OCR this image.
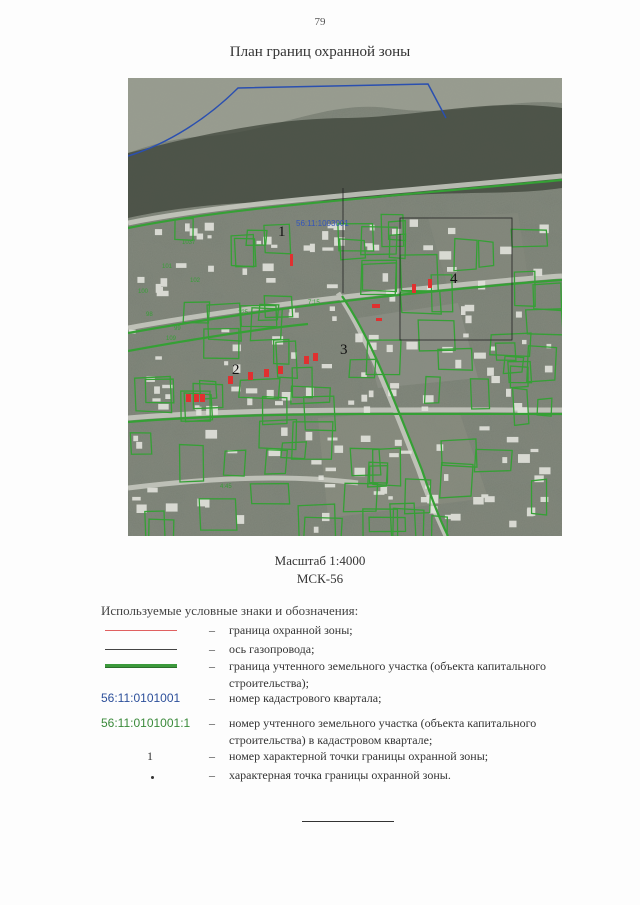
79
План границ охранной зоны
56:11:1003001
1
2
3
4
1037
101
102
98
100
99
125
109
7:15
4:45
Масштаб 1:4000
МСК-56
Используемые условные знаки и обозначения:
– граница охранной зоны;
– ось газопровода;
– граница учтенного земельного участка (объекта капитального строительства);
56:11:0101001 – номер кадастрового квартала;
56:11:0101001:1 – номер учтенного земельного участка (объекта капитального строительства) в кадастровом квартале;
1	– номер характерной точки границы охранной зоны;
– характерная точка границы охранной зоны.
